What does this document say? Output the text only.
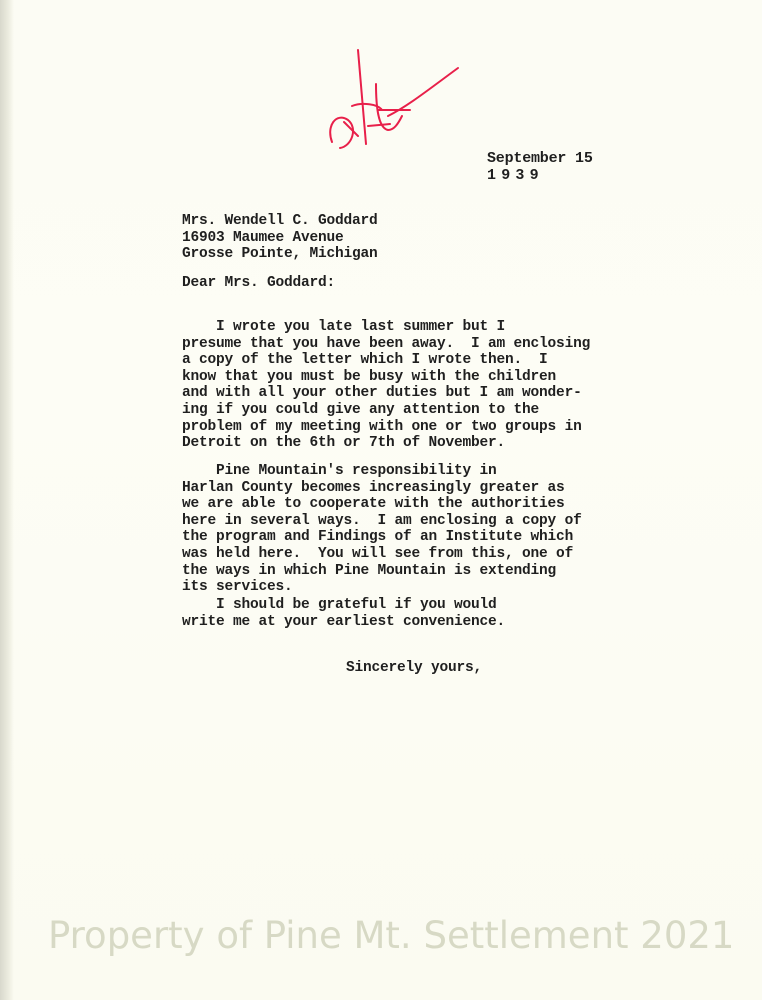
September 15
1939
Mrs. Wendell C. Goddard
16903 Maumee Avenue
Grosse Pointe, Michigan
Dear Mrs. Goddard:
I wrote you late last summer but I
presume that you have been away.  I am enclosing
a copy of the letter which I wrote then.  I
know that you must be busy with the children
and with all your other duties but I am wonder-
ing if you could give any attention to the
problem of my meeting with one or two groups in
Detroit on the 6th or 7th of November.
Pine Mountain's responsibility in
Harlan County becomes increasingly greater as
we are able to cooperate with the authorities
here in several ways.  I am enclosing a copy of
the program and Findings of an Institute which
was held here.  You will see from this, one of
the ways in which Pine Mountain is extending
its services.
I should be grateful if you would
write me at your earliest convenience.
Sincerely yours,
Property of Pine Mt. Settlement 2021
